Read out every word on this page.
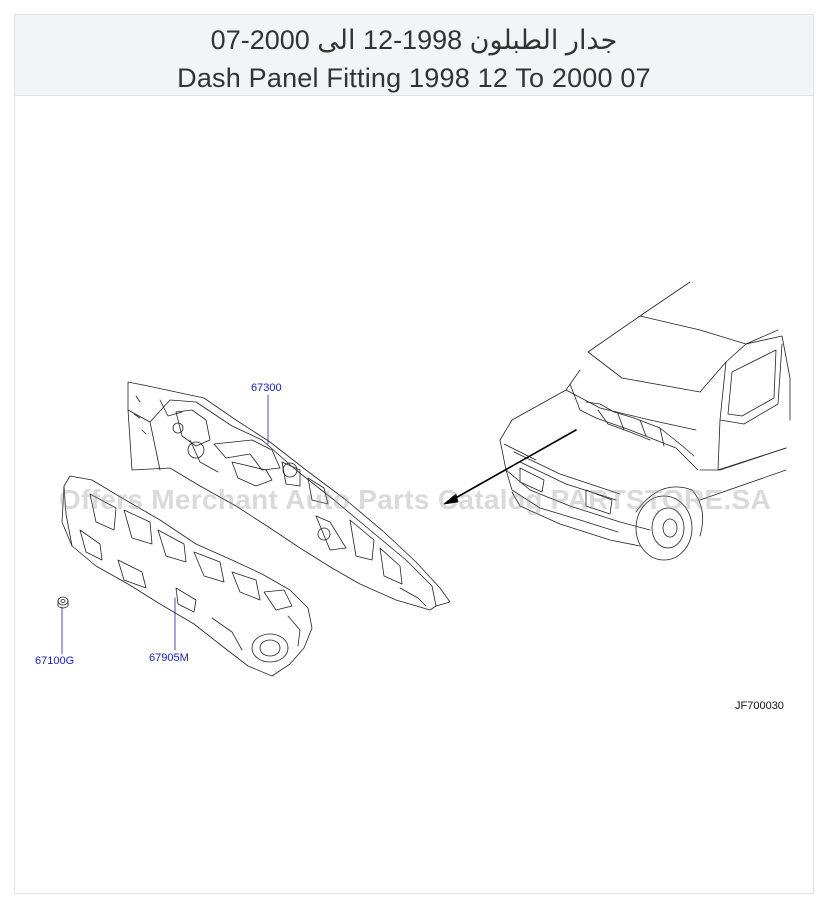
جدار الطبلون 1998-12 الى 2000-07
Dash Panel Fitting 1998 12 To 2000 07
67300
67905M
67100G
JF700030
Offers Merchant Auto Parts Catalog PARTSTORE.SA
